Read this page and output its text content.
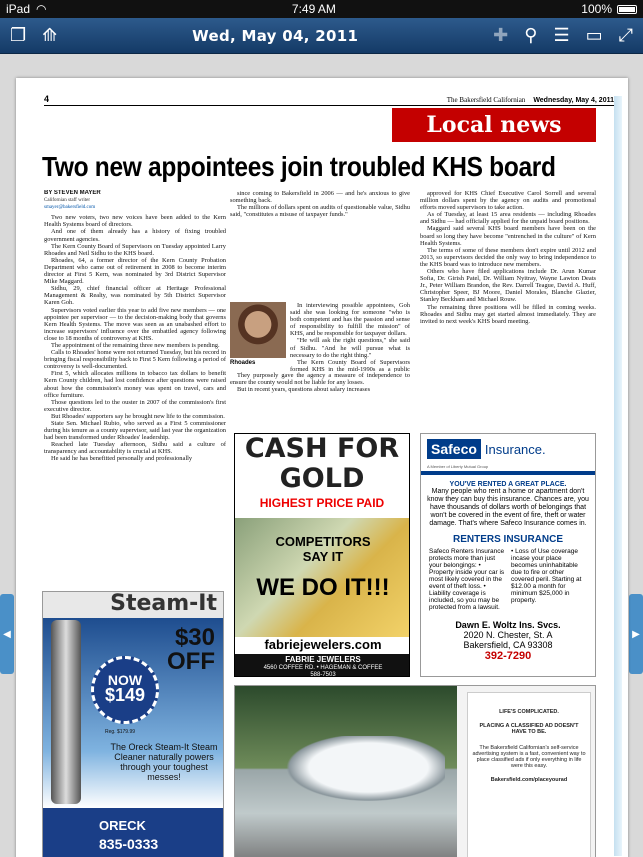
iPad ◠	7:49 AM	100%
❐ ⟰	Wed, May 04, 2011	✚ ⚲ ☰ ▭ ⤢
◀	▶
4	The Bakersfield Californian	Wednesday, May 4, 2011
Local news
Two new appointees join troubled KHS board
BY STEVEN MAYER
Californian staff writer
smayer@bakersfield.com

Two new voters, two new voices have been added to the Kern Health Systems board of directors.

And one of them already has a history of fixing troubled government agencies.

The Kern County Board of Supervisors on Tuesday appointed Larry Rhoades and Neil Sidhu to the KHS board.

Rhoades, 64, a former director of the Kern County Probation Department who came out of retirement in 2008 to become interim director at First 5 Kern, was nominated by 3rd District Supervisor Mike Maggard.

Sidhu, 29, chief financial officer at Heritage Professional Management & Realty, was nominated by 5th District Supervisor Karen Goh.

Supervisors voted earlier this year to add five new members — one appointee per supervisor — to the decision-making body that governs Kern Health Systems. The move was seen as an unabashed effort to increase supervisors' influence over the embattled agency following close to 18 months of controversy at KHS.

The appointment of the remaining three new members is pending.

Calls to Rhoades' home were not returned Tuesday, but his record in bringing fiscal responsibility back to First 5 Kern following a period of controversy is well-documented.

First 5, which allocates millions in tobacco tax dollars to benefit Kern County children, had lost confidence after questions were raised about how the commission's money was spent on travel, cars and office furniture.

Those questions led to the ouster in 2007 of the commission's first executive director.

But Rhoades' supporters say he brought new life to the commission.

State Sen. Michael Rubio, who served as a First 5 commissioner during his tenure as a county supervisor, said last year the organization had been transformed under Rhoades' leadership.

Reached late Tuesday afternoon, Sidhu said a culture of transparency and accountability is crucial at KHS.

He said he has benefitted personally and professionally

since coming to Bakersfield in 2006 — and he's anxious to give something back.

The millions of dollars spent on audits of questionable value, Sidhu said, "constitutes a misuse of taxpayer funds."

Rhoades

In interviewing possible appointees, Goh said she was looking for someone "who is both competent and has the passion and sense of responsibility to fulfill the mission" of KHS, and be responsible for taxpayer dollars.

"He will ask the right questions," she said of Sidhu. "And he will pursue what is necessary to do the right thing."

The Kern County Board of Supervisors formed KHS in the mid-1990s as a public

They purposely gave the agency a measure of independence to ensure the county would not be liable for any losses.

But in recent years, questions about salary increases

approved for KHS Chief Executive Carol Sorrell and several million dollars spent by the agency on audits and promotional efforts moved supervisors to take action.

As of Tuesday, at least 15 area residents — including Rhoades and Sidhu — had officially applied for the unpaid board positions.

Maggard said several KHS board members have been on the board so long they have become "entrenched in the culture" of Kern Health Systems.

The terms of some of these members don't expire until 2012 and 2013, so supervisors decided the only way to bring independence to the KHS board was to introduce new members.

Others who have filed applications include Dr. Arun Kumar Sofia, Dr. Girish Patel, Dr. William Nyitray, Wayne Lawton Deats Jr., Peter William Brandon, the Rev. Darrell Teague, David A. Huff, Christopher Speer, BJ Moore, Daniel Morales, Blanche Glazier, Stanley Beckham and Michael Rouw.

The remaining three positions will be filled in coming weeks. Rhoades and Sidhu may get started almost immediately. They are invited to next week's KHS board meeting.

CASH FOR
GOLD
HIGHEST PRICE PAID
COMPETITORS
SAY IT
WE DO IT!!!
fabriejewelers.com
FABRIE JEWELERS
4560 COFFEE RD. • HAGEMAN & COFFEE
588-7503
Safeco Insurance.
A Member of Liberty Mutual Group
YOU'VE RENTED A GREAT PLACE.
Many people who rent a home or apartment don't know they can buy this insurance. Chances are, you have thousands of dollars worth of belongings that won't be covered in the event of fire, theft or water damage. That's where Safeco Insurance comes in.
RENTERS INSURANCE
Safeco Renters Insurance protects more than just your belongings: • Property inside your car is most likely covered in the event of theft loss. • Liability coverage is included, so you may be protected from a lawsuit.
• Loss of Use coverage incase your place becomes uninhabitable due to fire or other covered peril. Starting at $12.00 a month for minimum $25,000 in property.
Dawn E. Woltz Ins. Svcs.
2020 N. Chester, St. A
Bakersfield, CA 93308
392-7290
Steam-It
$30
OFF
NOW
$149
Reg. $179.99
The Oreck Steam-It Steam Cleaner naturally powers through your toughest messes!
ORECK
835-0333
LIFE'S COMPLICATED.
PLACING A CLASSIFIED AD DOESN'T HAVE TO BE.
The Bakersfield Californian's self-service advertising system is a fast, convenient way to place classified ads if only everything in life were this easy.
Bakersfield.com/placeyourad
